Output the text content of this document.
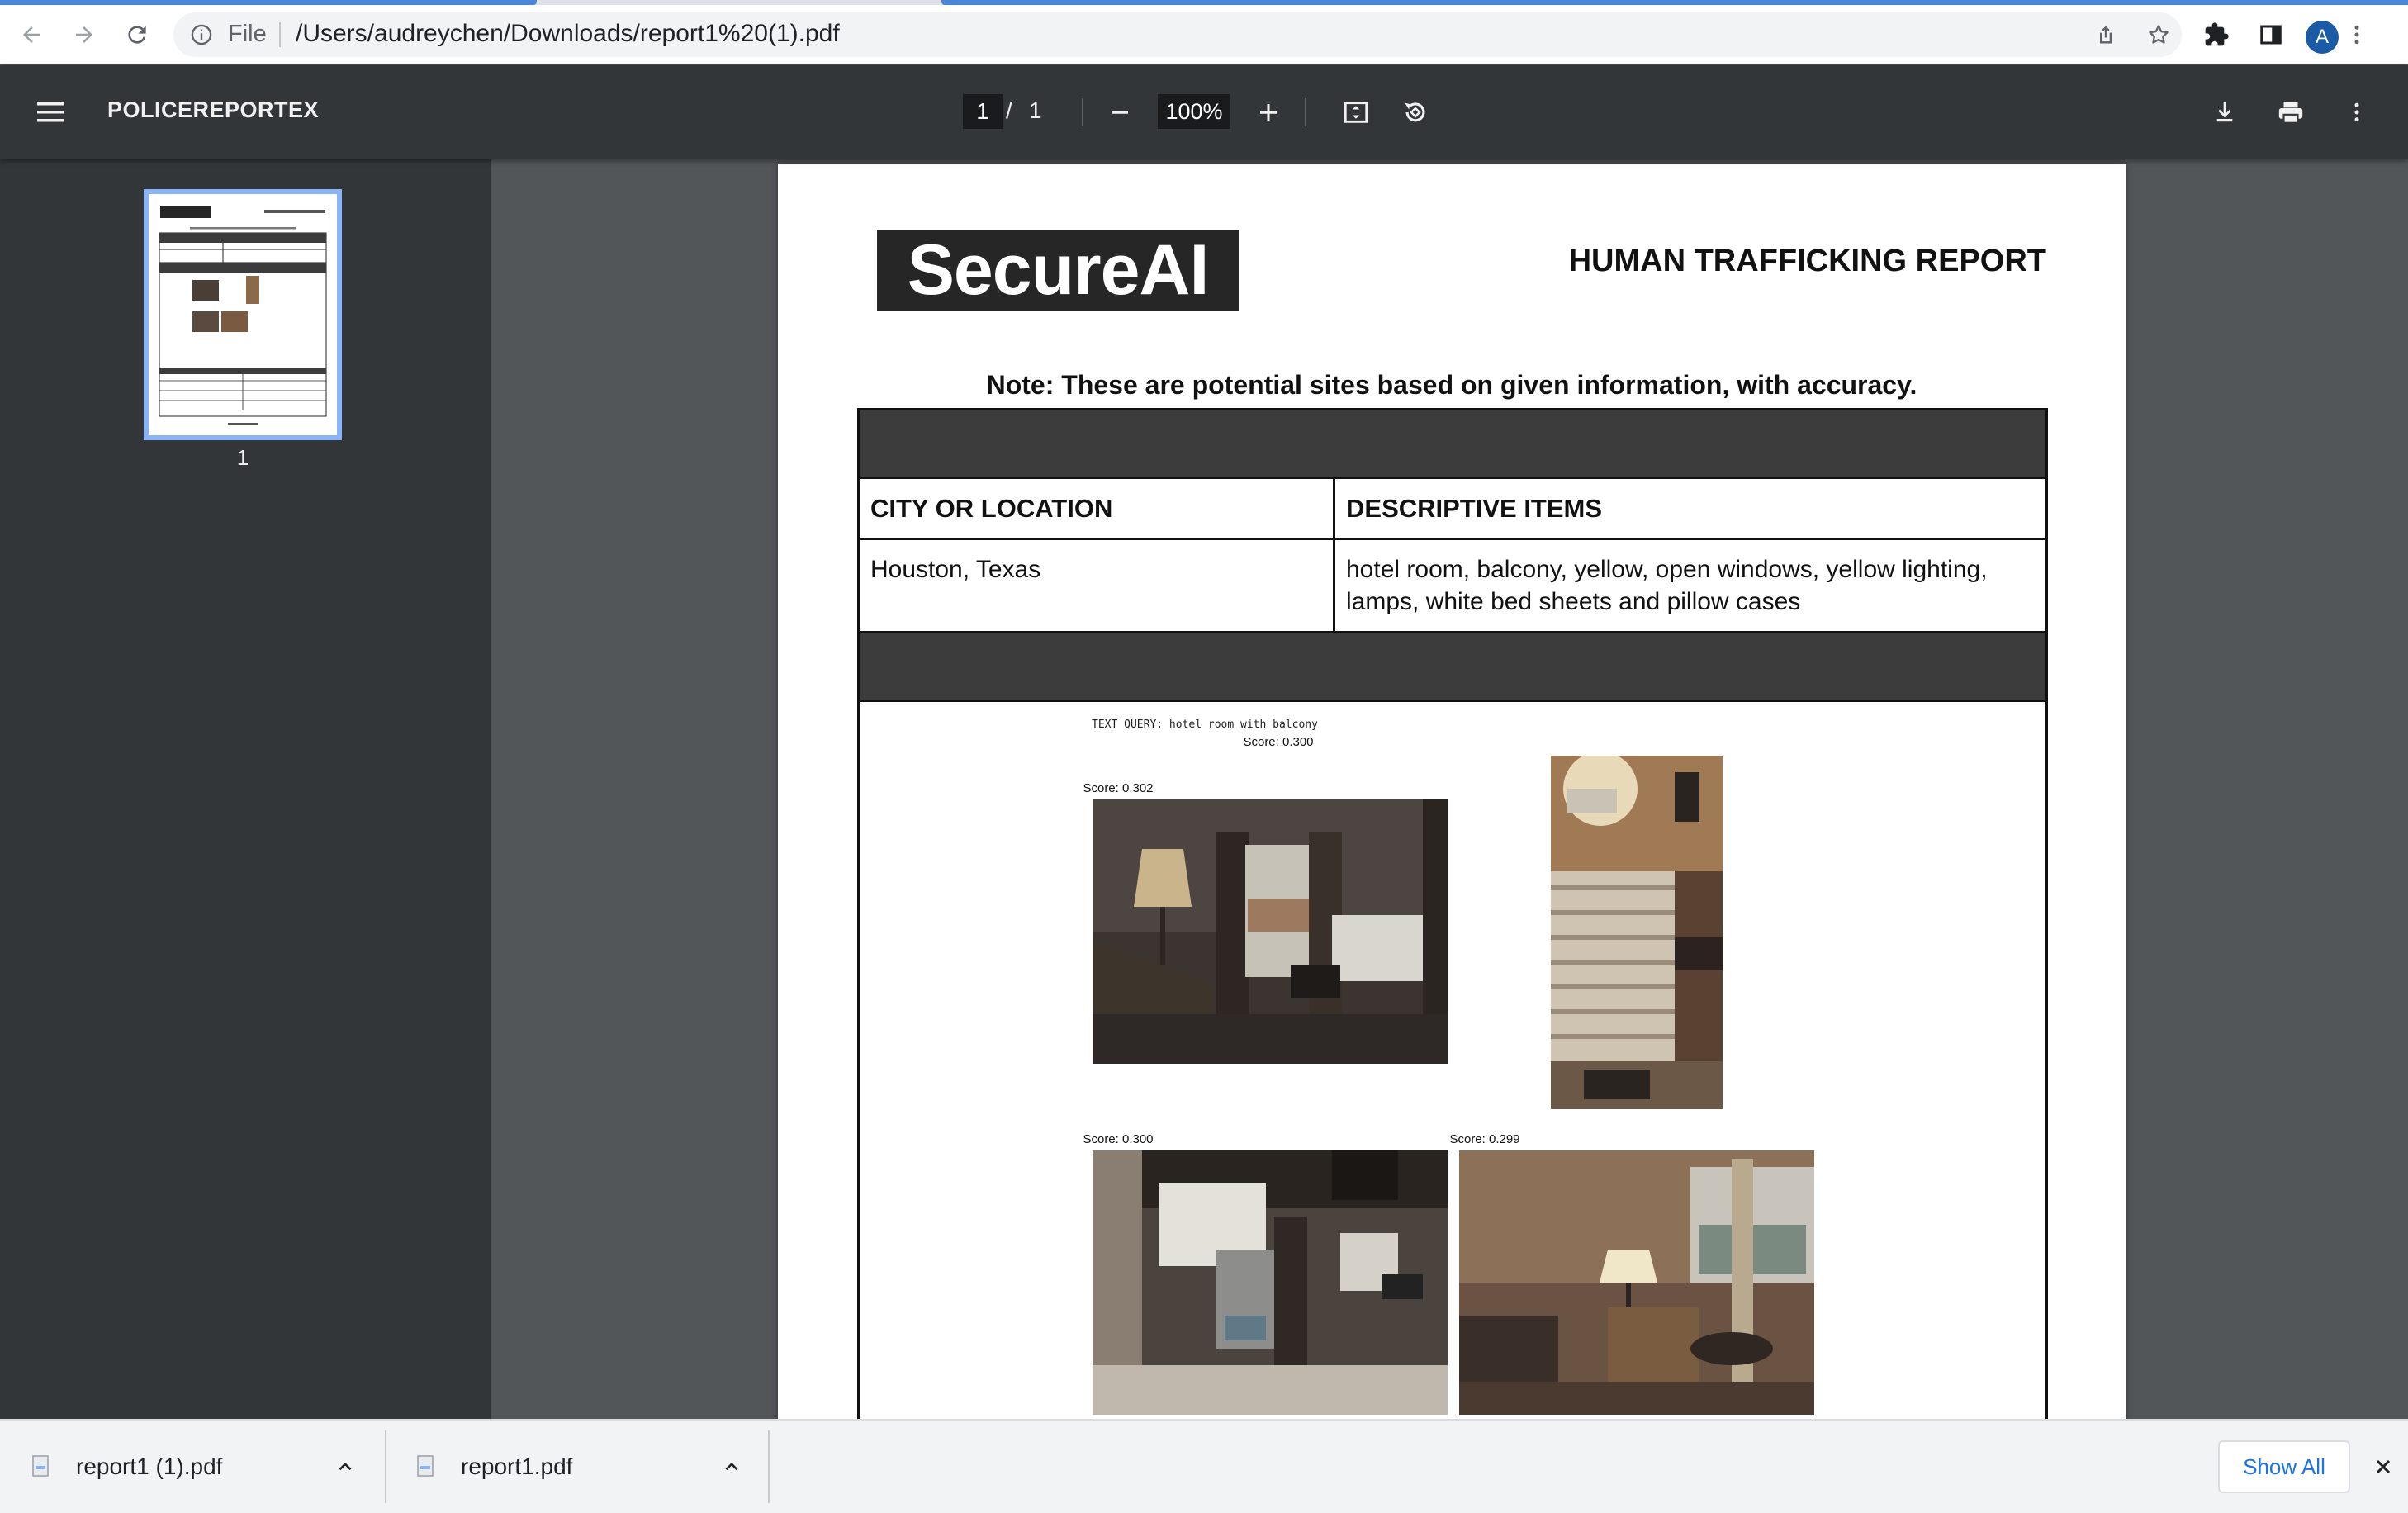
File /Users/audreychen/Downloads/report1%20(1).pdf	A
POLICEREPORTEX	1 / 1	100%
1
SecureAI	HUMAN TRAFFICKING REPORT
Note: These are potential sites based on given information, with accuracy.
CITY OR LOCATION	DESCRIPTIVE ITEMS
Houston, Texas	hotel room, balcony, yellow, open windows, yellow lighting, lamps, white bed sheets and pillow cases
TEXT QUERY: hotel room with balcony
Score: 0.302
Score: 0.300
Score: 0.300	Score: 0.299
report1 (1).pdf	report1.pdf	Show All
